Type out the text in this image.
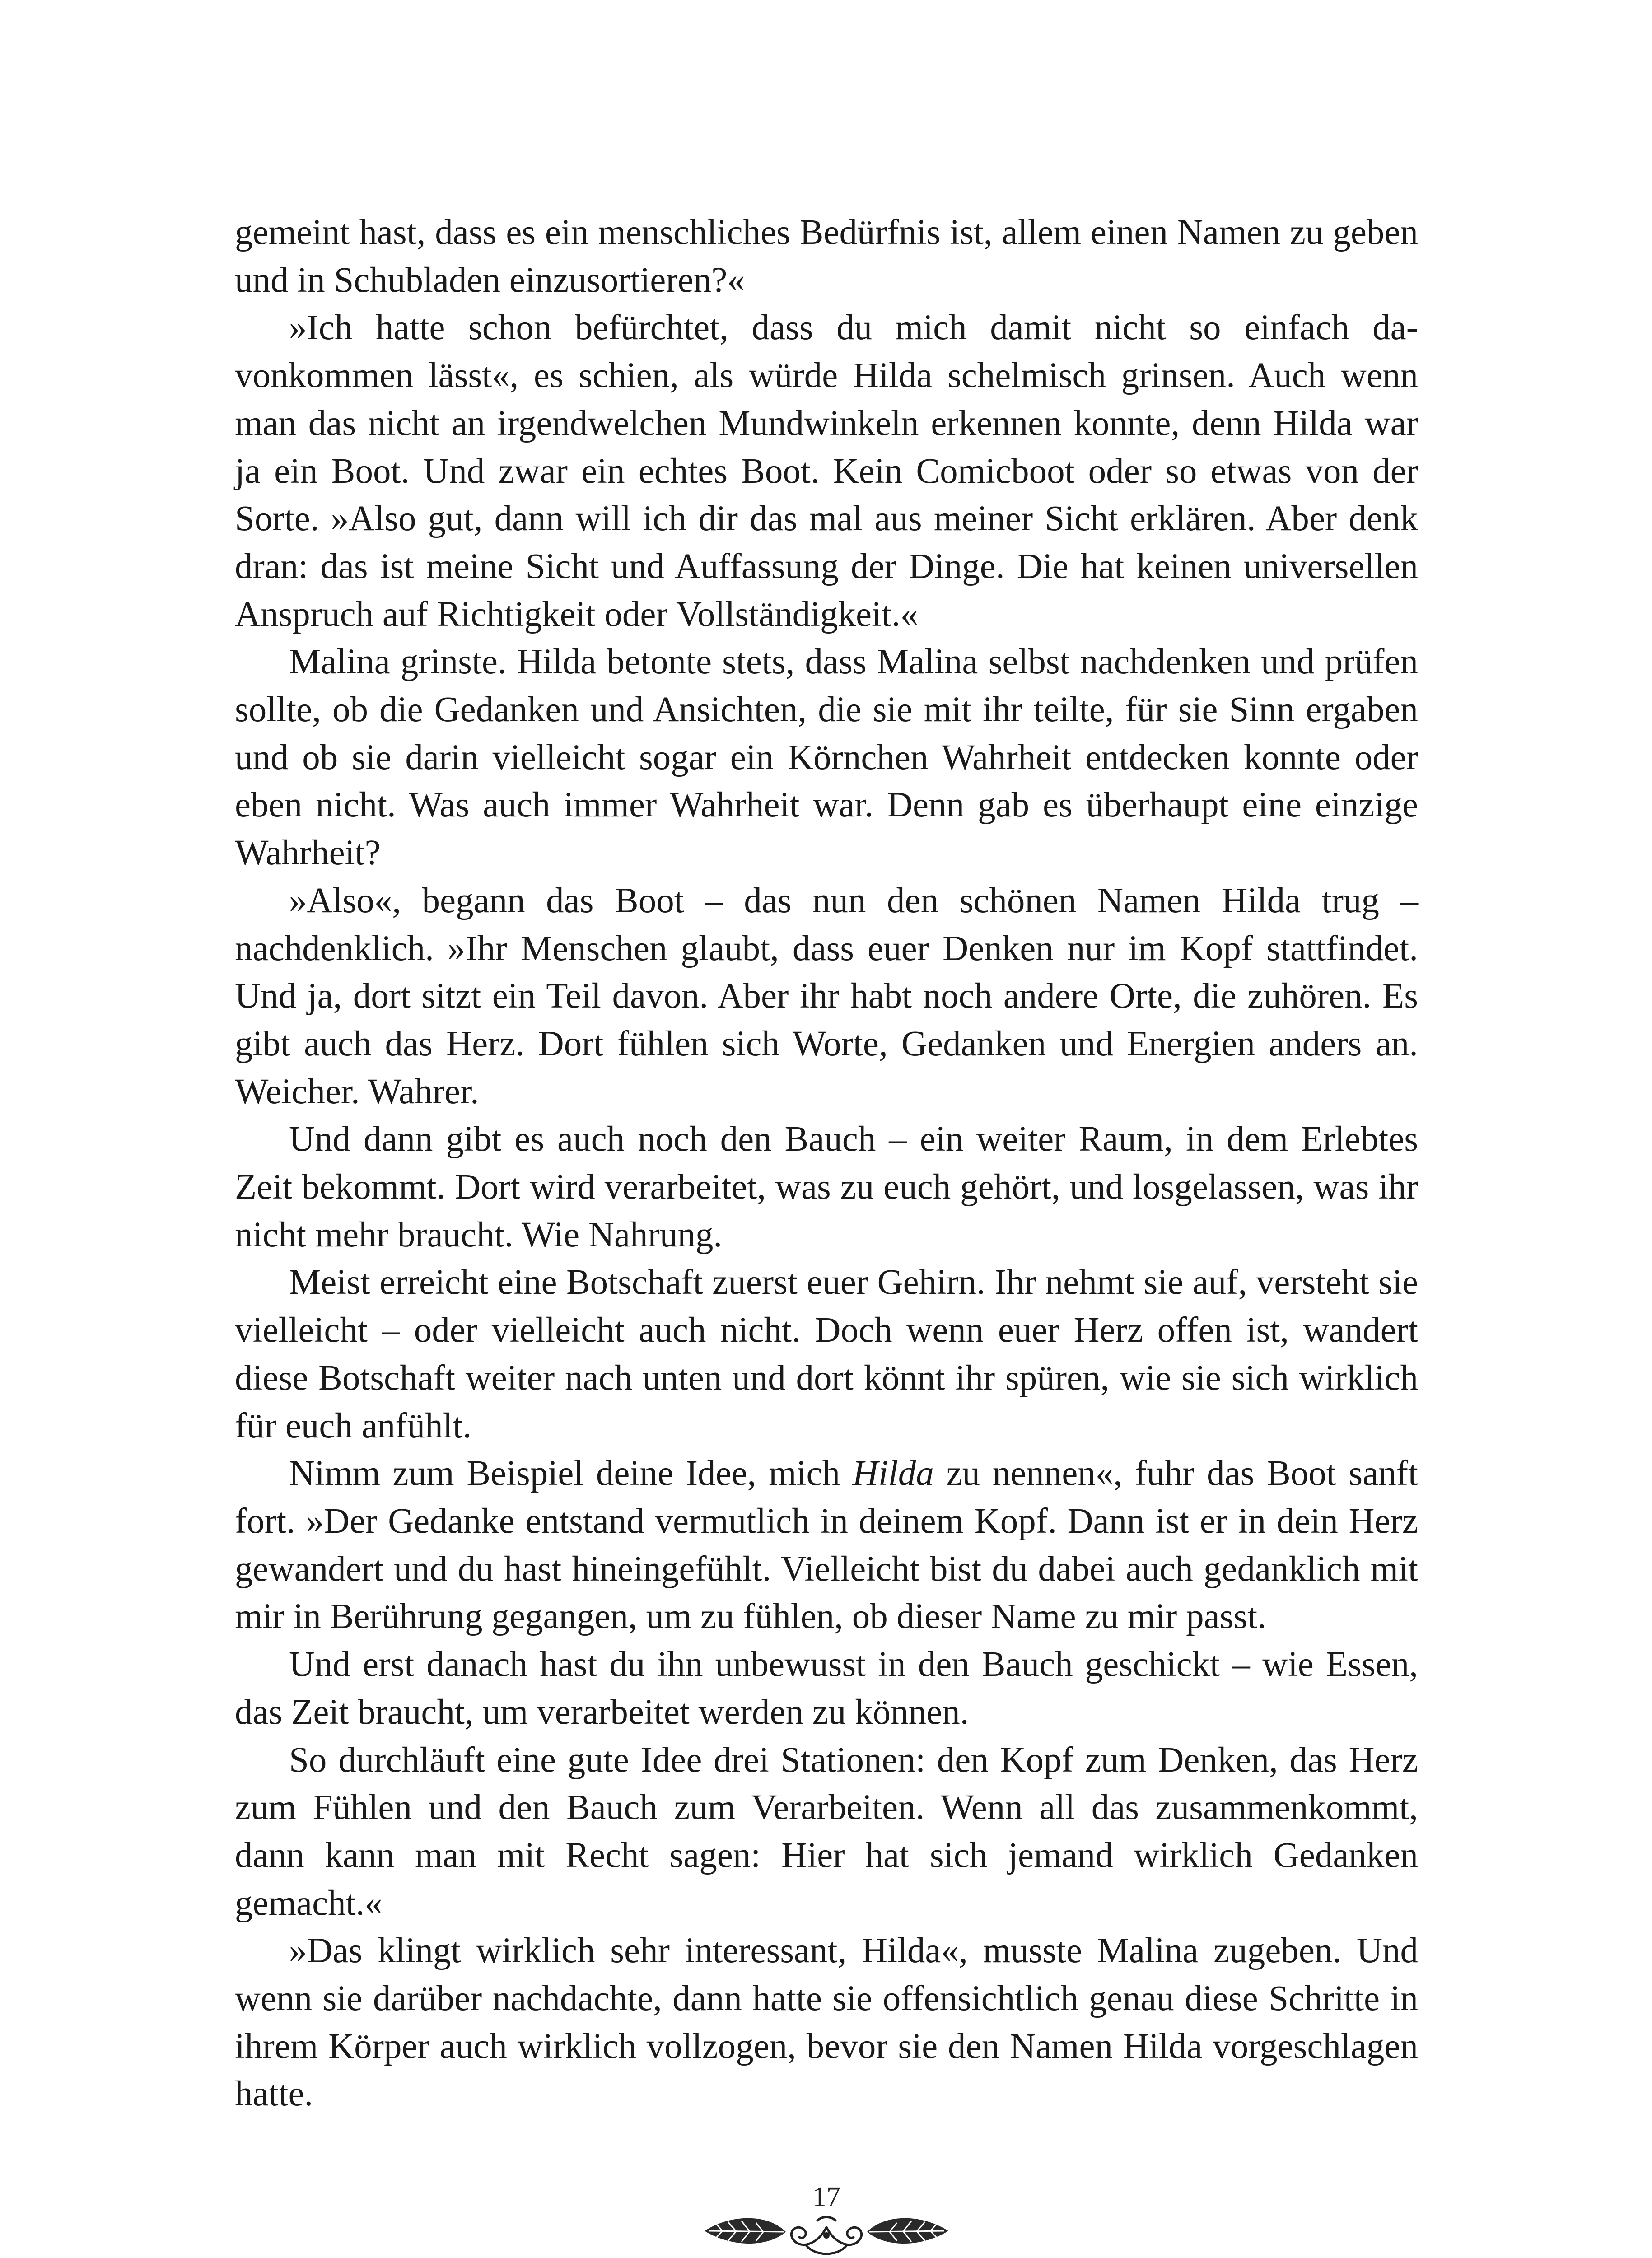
gemeint hast, dass es ein menschliches Bedürfnis ist, allem einen Namen zu geben und in Schubladen einzusortieren?«

»Ich hatte schon befürchtet, dass du mich damit nicht so einfach davonkommen lässt«, es schien, als würde Hilda schelmisch grinsen. Auch wenn man das nicht an irgendwelchen Mundwinkeln erkennen konnte, denn Hilda war ja ein Boot. Und zwar ein echtes Boot. Kein Comicboot oder so etwas von der Sorte. »Also gut, dann will ich dir das mal aus meiner Sicht erklären. Aber denk dran: das ist meine Sicht und Auffassung der Dinge. Die hat keinen universellen Anspruch auf Richtigkeit oder Vollständigkeit.«

Malina grinste. Hilda betonte stets, dass Malina selbst nachdenken und prüfen sollte, ob die Gedanken und Ansichten, die sie mit ihr teilte, für sie Sinn ergaben und ob sie darin vielleicht sogar ein Körnchen Wahrheit entdecken konnte oder eben nicht. Was auch immer Wahrheit war. Denn gab es überhaupt eine einzige Wahrheit?

»Also«, begann das Boot – das nun den schönen Namen Hilda trug – nachdenklich. »Ihr Menschen glaubt, dass euer Denken nur im Kopf stattfindet. Und ja, dort sitzt ein Teil davon. Aber ihr habt noch andere Orte, die zuhören. Es gibt auch das Herz. Dort fühlen sich Worte, Gedanken und Energien anders an. Weicher. Wahrer.

Und dann gibt es auch noch den Bauch – ein weiter Raum, in dem Erlebtes Zeit bekommt. Dort wird verarbeitet, was zu euch gehört, und losgelassen, was ihr nicht mehr braucht. Wie Nahrung.

Meist erreicht eine Botschaft zuerst euer Gehirn. Ihr nehmt sie auf, versteht sie vielleicht – oder vielleicht auch nicht. Doch wenn euer Herz offen ist, wandert diese Botschaft weiter nach unten und dort könnt ihr spüren, wie sie sich wirklich für euch anfühlt.

Nimm zum Beispiel deine Idee, mich Hilda zu nennen«, fuhr das Boot sanft fort. »Der Gedanke entstand vermutlich in deinem Kopf. Dann ist er in dein Herz gewandert und du hast hineingefühlt. Vielleicht bist du dabei auch gedanklich mit mir in Berührung gegangen, um zu fühlen, ob dieser Name zu mir passt.

Und erst danach hast du ihn unbewusst in den Bauch geschickt – wie Essen, das Zeit braucht, um verarbeitet werden zu können.

So durchläuft eine gute Idee drei Stationen: den Kopf zum Denken, das Herz zum Fühlen und den Bauch zum Verarbeiten. Wenn all das zusammenkommt, dann kann man mit Recht sagen: Hier hat sich jemand wirklich Gedanken gemacht.«

»Das klingt wirklich sehr interessant, Hilda«, musste Malina zugeben. Und wenn sie darüber nachdachte, dann hatte sie offensichtlich genau diese Schritte in ihrem Körper auch wirklich vollzogen, bevor sie den Namen Hilda vorgeschlagen hatte.

17
